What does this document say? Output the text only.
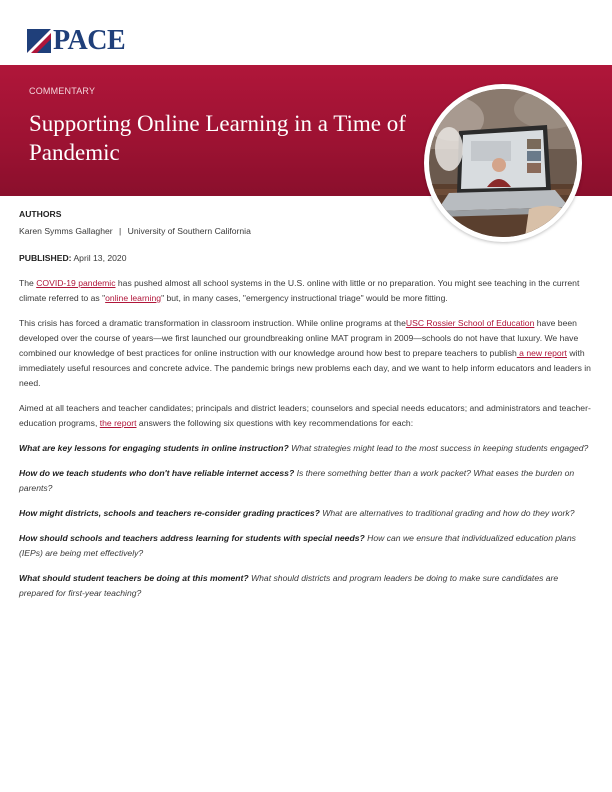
PACE
COMMENTARY
Supporting Online Learning in a Time of Pandemic
AUTHORS
Karen Symms Gallagher | University of Southern California
PUBLISHED: April 13, 2020

The COVID-19 pandemic has pushed almost all school systems in the U.S. online with little or no preparation. You might see teaching in the current climate referred to as "online learning" but, in many cases, "emergency instructional triage" would be more fitting.

This crisis has forced a dramatic transformation in classroom instruction. While online programs at theUSC Rossier School of Education have been developed over the course of years—we first launched our groundbreaking online MAT program in 2009—schools do not have that luxury. We have combined our knowledge of best practices for online instruction with our knowledge around how best to prepare teachers to publish a new report with immediately useful resources and concrete advice. The pandemic brings new problems each day, and we want to help inform educators and leaders in need.

Aimed at all teachers and teacher candidates; principals and district leaders; counselors and special needs educators; and administrators and teacher-education programs, the report answers the following six questions with key recommendations for each:

What are key lessons for engaging students in online instruction? What strategies might lead to the most success in keeping students engaged?
How do we teach students who don't have reliable internet access? Is there something better than a work packet? What eases the burden on parents?
How might districts, schools and teachers re-consider grading practices? What are alternatives to traditional grading and how do they work?
How should schools and teachers address learning for students with special needs? How can we ensure that individualized education plans (IEPs) are being met effectively?
What should student teachers be doing at this moment? What should districts and program leaders be doing to make sure candidates are prepared for first-year teaching?
